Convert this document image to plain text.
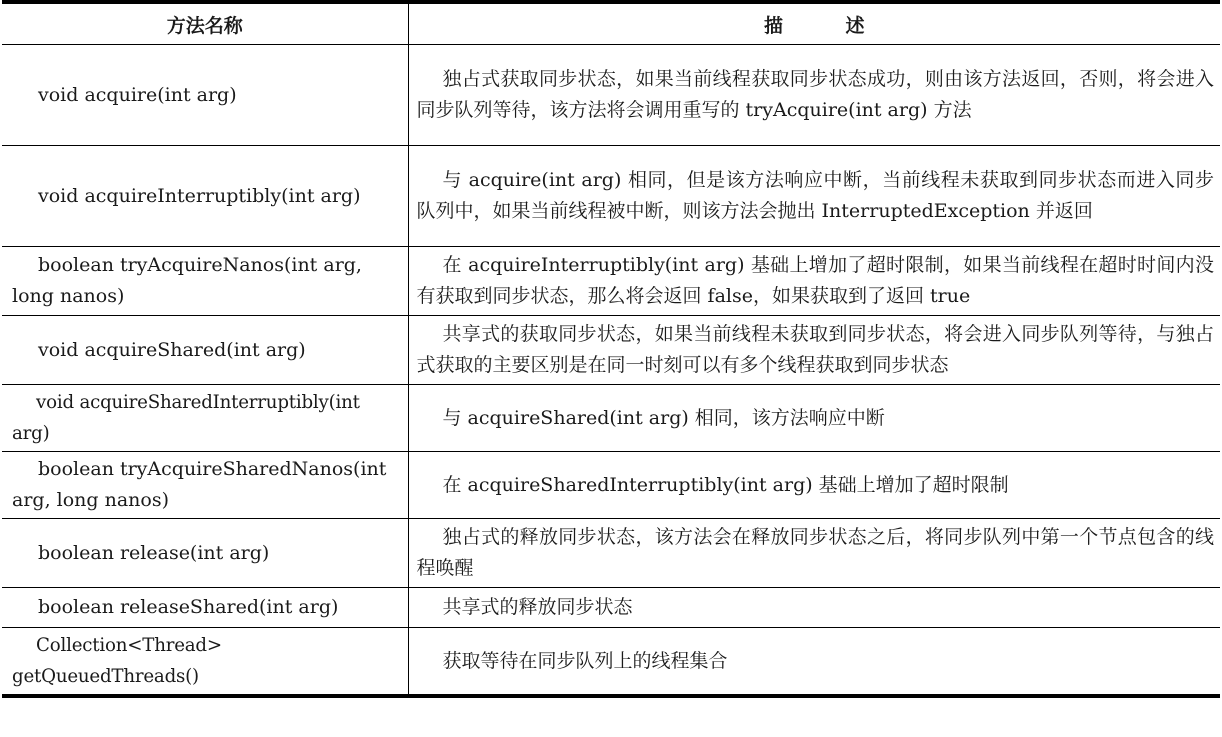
方法名称	描 述
void acquire(int arg)	独占式获取同步状态，如果当前线程获取同步状态成功，则由该方法返回，否则，将会进入同步队列等待，该方法将会调用重写的 tryAcquire(int arg) 方法
void acquireInterruptibly(int arg)	与 acquire(int arg) 相同，但是该方法响应中断，当前线程未获取到同步状态而进入同步队列中，如果当前线程被中断，则该方法会抛出 InterruptedException 并返回
boolean tryAcquireNanos(int arg, long nanos)	在 acquireInterruptibly(int arg) 基础上增加了超时限制，如果当前线程在超时时间内没有获取到同步状态，那么将会返回 false，如果获取到了返回 true
void acquireShared(int arg)	共享式的获取同步状态，如果当前线程未获取到同步状态，将会进入同步队列等待，与独占式获取的主要区别是在同一时刻可以有多个线程获取到同步状态
void acquireSharedInterruptibly(int arg)	与 acquireShared(int arg) 相同，该方法响应中断
boolean tryAcquireSharedNanos(int arg, long nanos)	在 acquireSharedInterruptibly(int arg) 基础上增加了超时限制
boolean release(int arg)	独占式的释放同步状态，该方法会在释放同步状态之后，将同步队列中第一个节点包含的线程唤醒
boolean releaseShared(int arg)	共享式的释放同步状态
Collection<Thread> getQueuedThreads()	获取等待在同步队列上的线程集合
